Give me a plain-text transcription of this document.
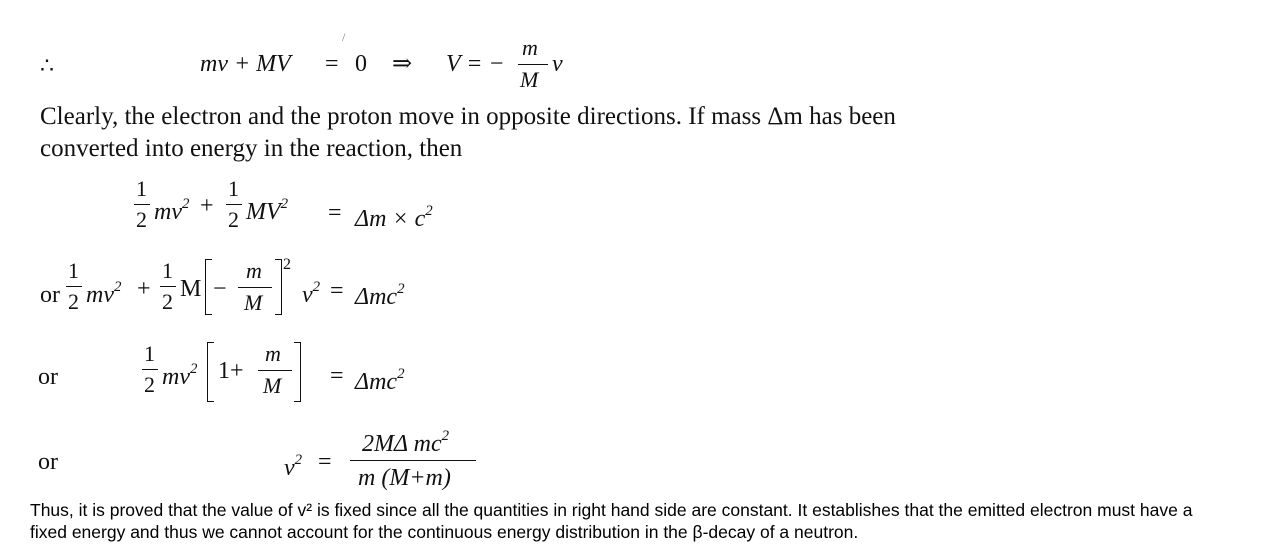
∴	mv + MV = 0 ⇒ V = −
m
M
v
/
Clearly, the electron and the proton move in opposite directions. If mass Δm has been
converted into energy in the reaction, then
1
2 $mv^2$ +
1
2 $MV^2 = \Delta m \times c^2$
or
1
2 $mv^2$ +
1
2 M −
m
M
2
$v^2 = \Delta mc^2$
or
1
2 $mv^2$ 1+
m
M = Δmc$^2$
or	$v^2$ =
2MΔ $mc^2$
m (M+m)
Thus, it is proved that the value of v² is fixed since all the quantities in right hand side are constant. It establishes that the emitted electron must have a
fixed energy and thus we cannot account for the continuous energy distribution in the β-decay of a neutron.
